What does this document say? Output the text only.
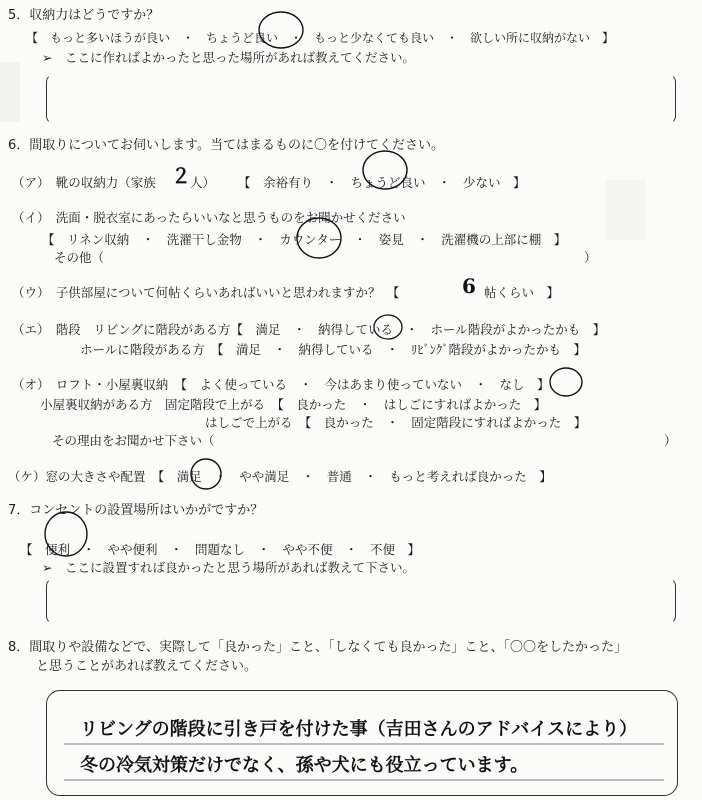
5．収納力はどうですか？
【　もっと多いほうが良い　・　ちょうど良い　・　もっと少なくても良い　・　欲しい所に収納がない　】
➢　ここに作ればよかったと思った場所があれば教えてください。
6．間取りについてお伺いします。当てはまるものに〇を付けてください。
（ア）　靴の収納力（家族 ２ 人） 【　余裕有り　・　ちょうど良い　・　少ない　】
（イ）　洗面・脱衣室にあったらいいなと思うものをお聞かせください
【　リネン収納　・　洗濯干し金物　・　カウンター　・　姿見　・　洗濯機の上部に棚　】
その他（	）
（ウ）　子供部屋について何帖くらいあればいいと思われますか？　【	6 帖くらい　】
（エ）　階段　リビングに階段がある方【　満足　・　納得している　・　ホール階段がよかったかも　】
ホールに階段がある方　【　満足　・　納得している　・　ﾘﾋﾞﾝｸﾞ階段がよかったかも　】
（オ）　ロフト・小屋裏収納　【　よく使っている　・　今はあまり使っていない　・　なし　】
小屋裏収納がある方　固定階段で上がる　【　良かった　・　はしごにすればよかった　】
はしごで上がる　【　良かった　・　固定階段にすればよかった　】
その理由をお聞かせ下さい（	）
（ケ）窓の大きさや配置　【　満足　・　やや満足　・　普通　・　もっと考えれば良かった　】
7．コンセントの設置場所はいかがですか？
【　便利　・　やや便利　・　問題なし　・　やや不便　・　不便　】
➢　ここに設置すれば良かったと思う場所があれば教えて下さい。
8．間取りや設備などで、実際して「良かった」こと、「しなくても良かった」こと、「〇〇をしたかった」
と思うことがあれば教えてください。
リビングの階段に引き戸を付けた事（吉田さんのアドバイスにより）
冬の冷気対策だけでなく、孫や犬にも役立っています。
